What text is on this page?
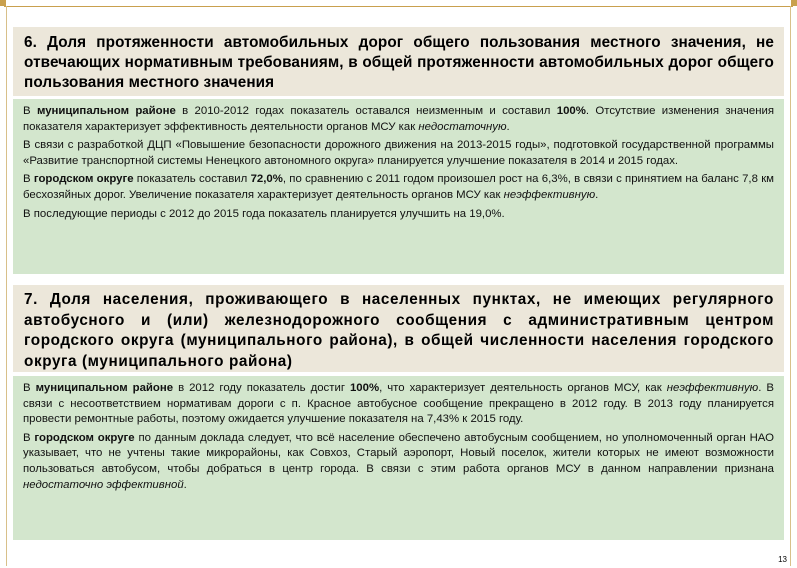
6. Доля протяженности автомобильных дорог общего пользования местного значения, не отвечающих нормативным требованиям, в общей протяженности автомобильных дорог общего пользования местного значения

В муниципальном районе в 2010-2012 годах показатель оставался неизменным и составил 100%. Отсутствие изменения значения показателя характеризует эффективность деятельности органов МСУ как недостаточную.

В связи с разработкой ДЦП «Повышение безопасности дорожного движения на 2013-2015 годы», подготовкой государственной программы «Развитие транспортной системы Ненецкого автономного округа» планируется улучшение показателя в 2014 и 2015 годах.

В городском округе показатель составил 72,0%, по сравнению с 2011 годом произошел рост на 6,3%, в связи с принятием на баланс 7,8 км бесхозяйных дорог. Увеличение показателя характеризует деятельность органов МСУ как неэффективную.

В последующие периоды с 2012 до 2015 года показатель планируется улучшить на 19,0%.

7. Доля населения, проживающего в населенных пунктах, не имеющих регулярного автобусного и (или) железнодорожного сообщения с административным центром городского округа (муниципального района), в общей численности населения городского округа (муниципального района)

В муниципальном районе в 2012 году показатель достиг 100%, что характеризует деятельность органов МСУ, как неэффективную. В связи с несоответствием нормативам дороги с п. Красное автобусное сообщение прекращено в 2012 году. В 2013 году планируется провести ремонтные работы, поэтому ожидается улучшение показателя на 7,43% к 2015 году.

В городском округе по данным доклада следует, что всё население обеспечено автобусным сообщением, но уполномоченный орган НАО указывает, что не учтены такие микрорайоны, как Совхоз, Старый аэропорт, Новый поселок, жители которых не имеют возможности пользоваться автобусом, чтобы добраться в центр города. В связи с этим работа органов МСУ в данном направлении признана недостаточно эффективной.

13
